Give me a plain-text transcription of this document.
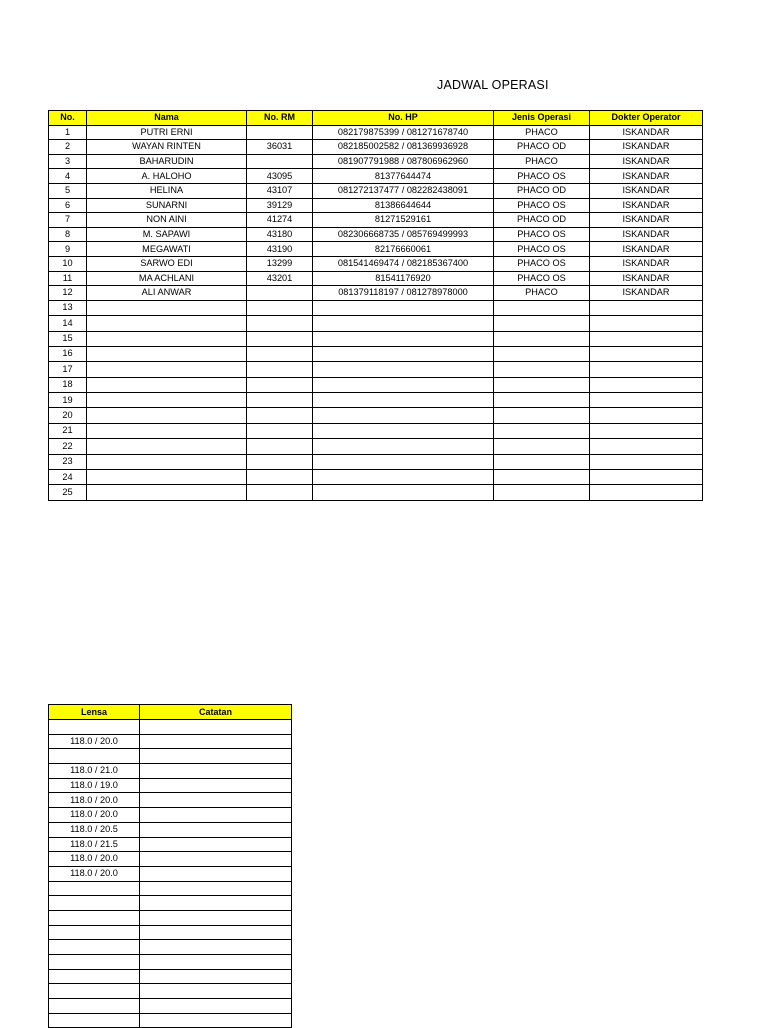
JADWAL OPERASI
No.	Nama	No. RM	No. HP	Jenis Operasi	Dokter Operator
1	PUTRI ERNI		082179875399 / 081271678740	PHACO	ISKANDAR
2	WAYAN RINTEN	36031	082185002582 / 081369936928	PHACO OD	ISKANDAR
3	BAHARUDIN		081907791988 / 087806962960	PHACO	ISKANDAR
4	A. HALOHO	43095	81377644474	PHACO OS	ISKANDAR
5	HELINA	43107	081272137477 / 082282438091	PHACO OD	ISKANDAR
6	SUNARNI	39129	81386644644	PHACO OS	ISKANDAR
7	NON AINI	41274	81271529161	PHACO OD	ISKANDAR
8	M. SAPAWI	43180	082306668735 / 085769499993	PHACO OS	ISKANDAR
9	MEGAWATI	43190	82176660061	PHACO OS	ISKANDAR
10	SARWO EDI	13299	081541469474 / 082185367400	PHACO OS	ISKANDAR
11	MA ACHLANI	43201	81541176920	PHACO OS	ISKANDAR
12	ALI ANWAR		081379118197 / 081278978000	PHACO	ISKANDAR
13					
14					
15					
16					
17					
18					
19					
20					
21					
22					
23					
24					
25					
Lensa	Catatan

118.0 / 20.0	

118.0 / 21.0	
118.0 / 19.0	
118.0 / 20.0	
118.0 / 20.0	
118.0 / 20.5	
118.0 / 21.5	
118.0 / 20.0	
118.0 / 20.0	
